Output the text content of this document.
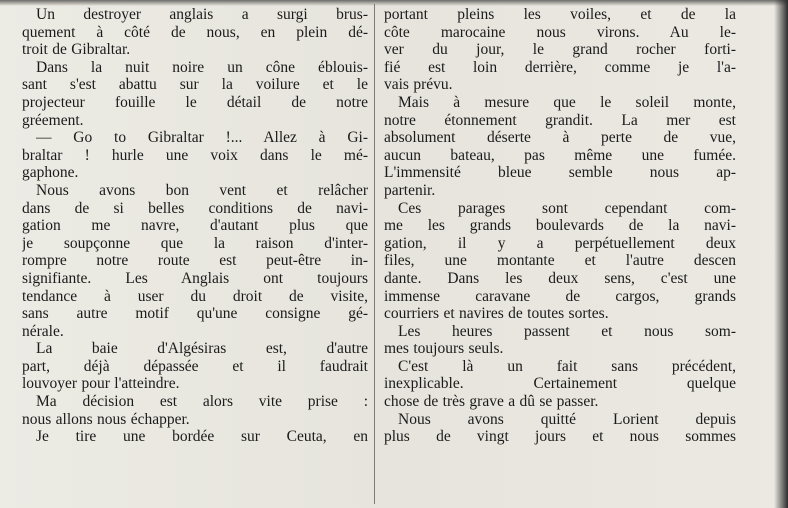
Un destroyer anglais a surgi brus-
quement à côté de nous, en plein dé-
troit de Gibraltar.
Dans la nuit noire un cône éblouis-
sant s'est abattu sur la voilure et le
projecteur fouille le détail de notre
gréement.
— Go to Gibraltar !... Allez à Gi-
braltar ! hurle une voix dans le mé-
gaphone.
Nous avons bon vent et relâcher
dans de si belles conditions de navi-
gation me navre, d'autant plus que
je soupçonne que la raison d'inter-
rompre notre route est peut-être in-
signifiante. Les Anglais ont toujours
tendance à user du droit de visite,
sans autre motif qu'une consigne gé-
nérale.
La baie d'Algésiras est, d'autre
part, déjà dépassée et il faudrait
louvoyer pour l'atteindre.
Ma décision est alors vite prise :
nous allons nous échapper.
Je tire une bordée sur Ceuta, en
portant pleins les voiles, et de la
côte marocaine nous virons. Au le-
ver du jour, le grand rocher forti-
fié est loin derrière, comme je l'a-
vais prévu.
Mais à mesure que le soleil monte,
notre étonnement grandit. La mer est
absolument déserte à perte de vue,
aucun bateau, pas même une fumée.
L'immensité bleue semble nous ap-
partenir.
Ces parages sont cependant com-
me les grands boulevards de la navi-
gation, il y a perpétuellement deux
files, une montante et l'autre descen
dante. Dans les deux sens, c'est une
immense caravane de cargos, grands
courriers et navires de toutes sortes.
Les heures passent et nous som-
mes toujours seuls.
C'est là un fait sans précédent,
inexplicable. Certainement quelque
chose de très grave a dû se passer.
Nous avons quitté Lorient depuis
plus de vingt jours et nous sommes
